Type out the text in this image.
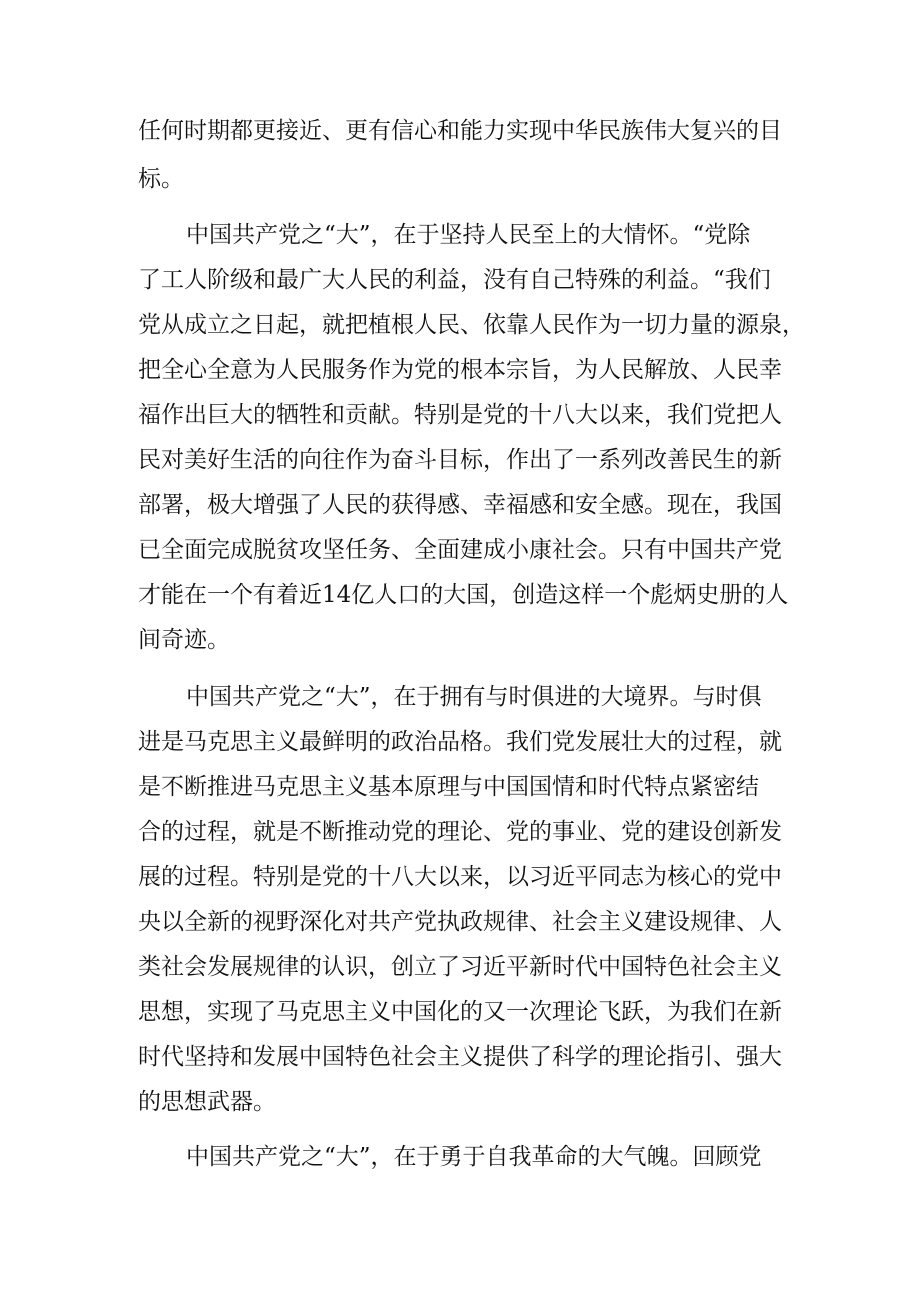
任何时期都更接近、更有信心和能力实现中华民族伟大复兴的目

标。

中国共产党之“大”，在于坚持人民至上的大情怀。“党除

了工人阶级和最广大人民的利益，没有自己特殊的利益。“我们

党从成立之日起，就把植根人民、依靠人民作为一切力量的源泉，

把全心全意为人民服务作为党的根本宗旨，为人民解放、人民幸

福作出巨大的牺牲和贡献。特别是党的十八大以来，我们党把人

民对美好生活的向往作为奋斗目标，作出了一系列改善民生的新

部署，极大增强了人民的获得感、幸福感和安全感。现在，我国

已全面完成脱贫攻坚任务、全面建成小康社会。只有中国共产党

才能在一个有着近14亿人口的大国，创造这样一个彪炳史册的人

间奇迹。

中国共产党之“大”，在于拥有与时俱进的大境界。与时俱

进是马克思主义最鲜明的政治品格。我们党发展壮大的过程，就

是不断推进马克思主义基本原理与中国国情和时代特点紧密结

合的过程，就是不断推动党的理论、党的事业、党的建设创新发

展的过程。特别是党的十八大以来，以习近平同志为核心的党中

央以全新的视野深化对共产党执政规律、社会主义建设规律、人

类社会发展规律的认识，创立了习近平新时代中国特色社会主义

思想，实现了马克思主义中国化的又一次理论飞跃，为我们在新

时代坚持和发展中国特色社会主义提供了科学的理论指引、强大

的思想武器。

中国共产党之“大”，在于勇于自我革命的大气魄。回顾党
